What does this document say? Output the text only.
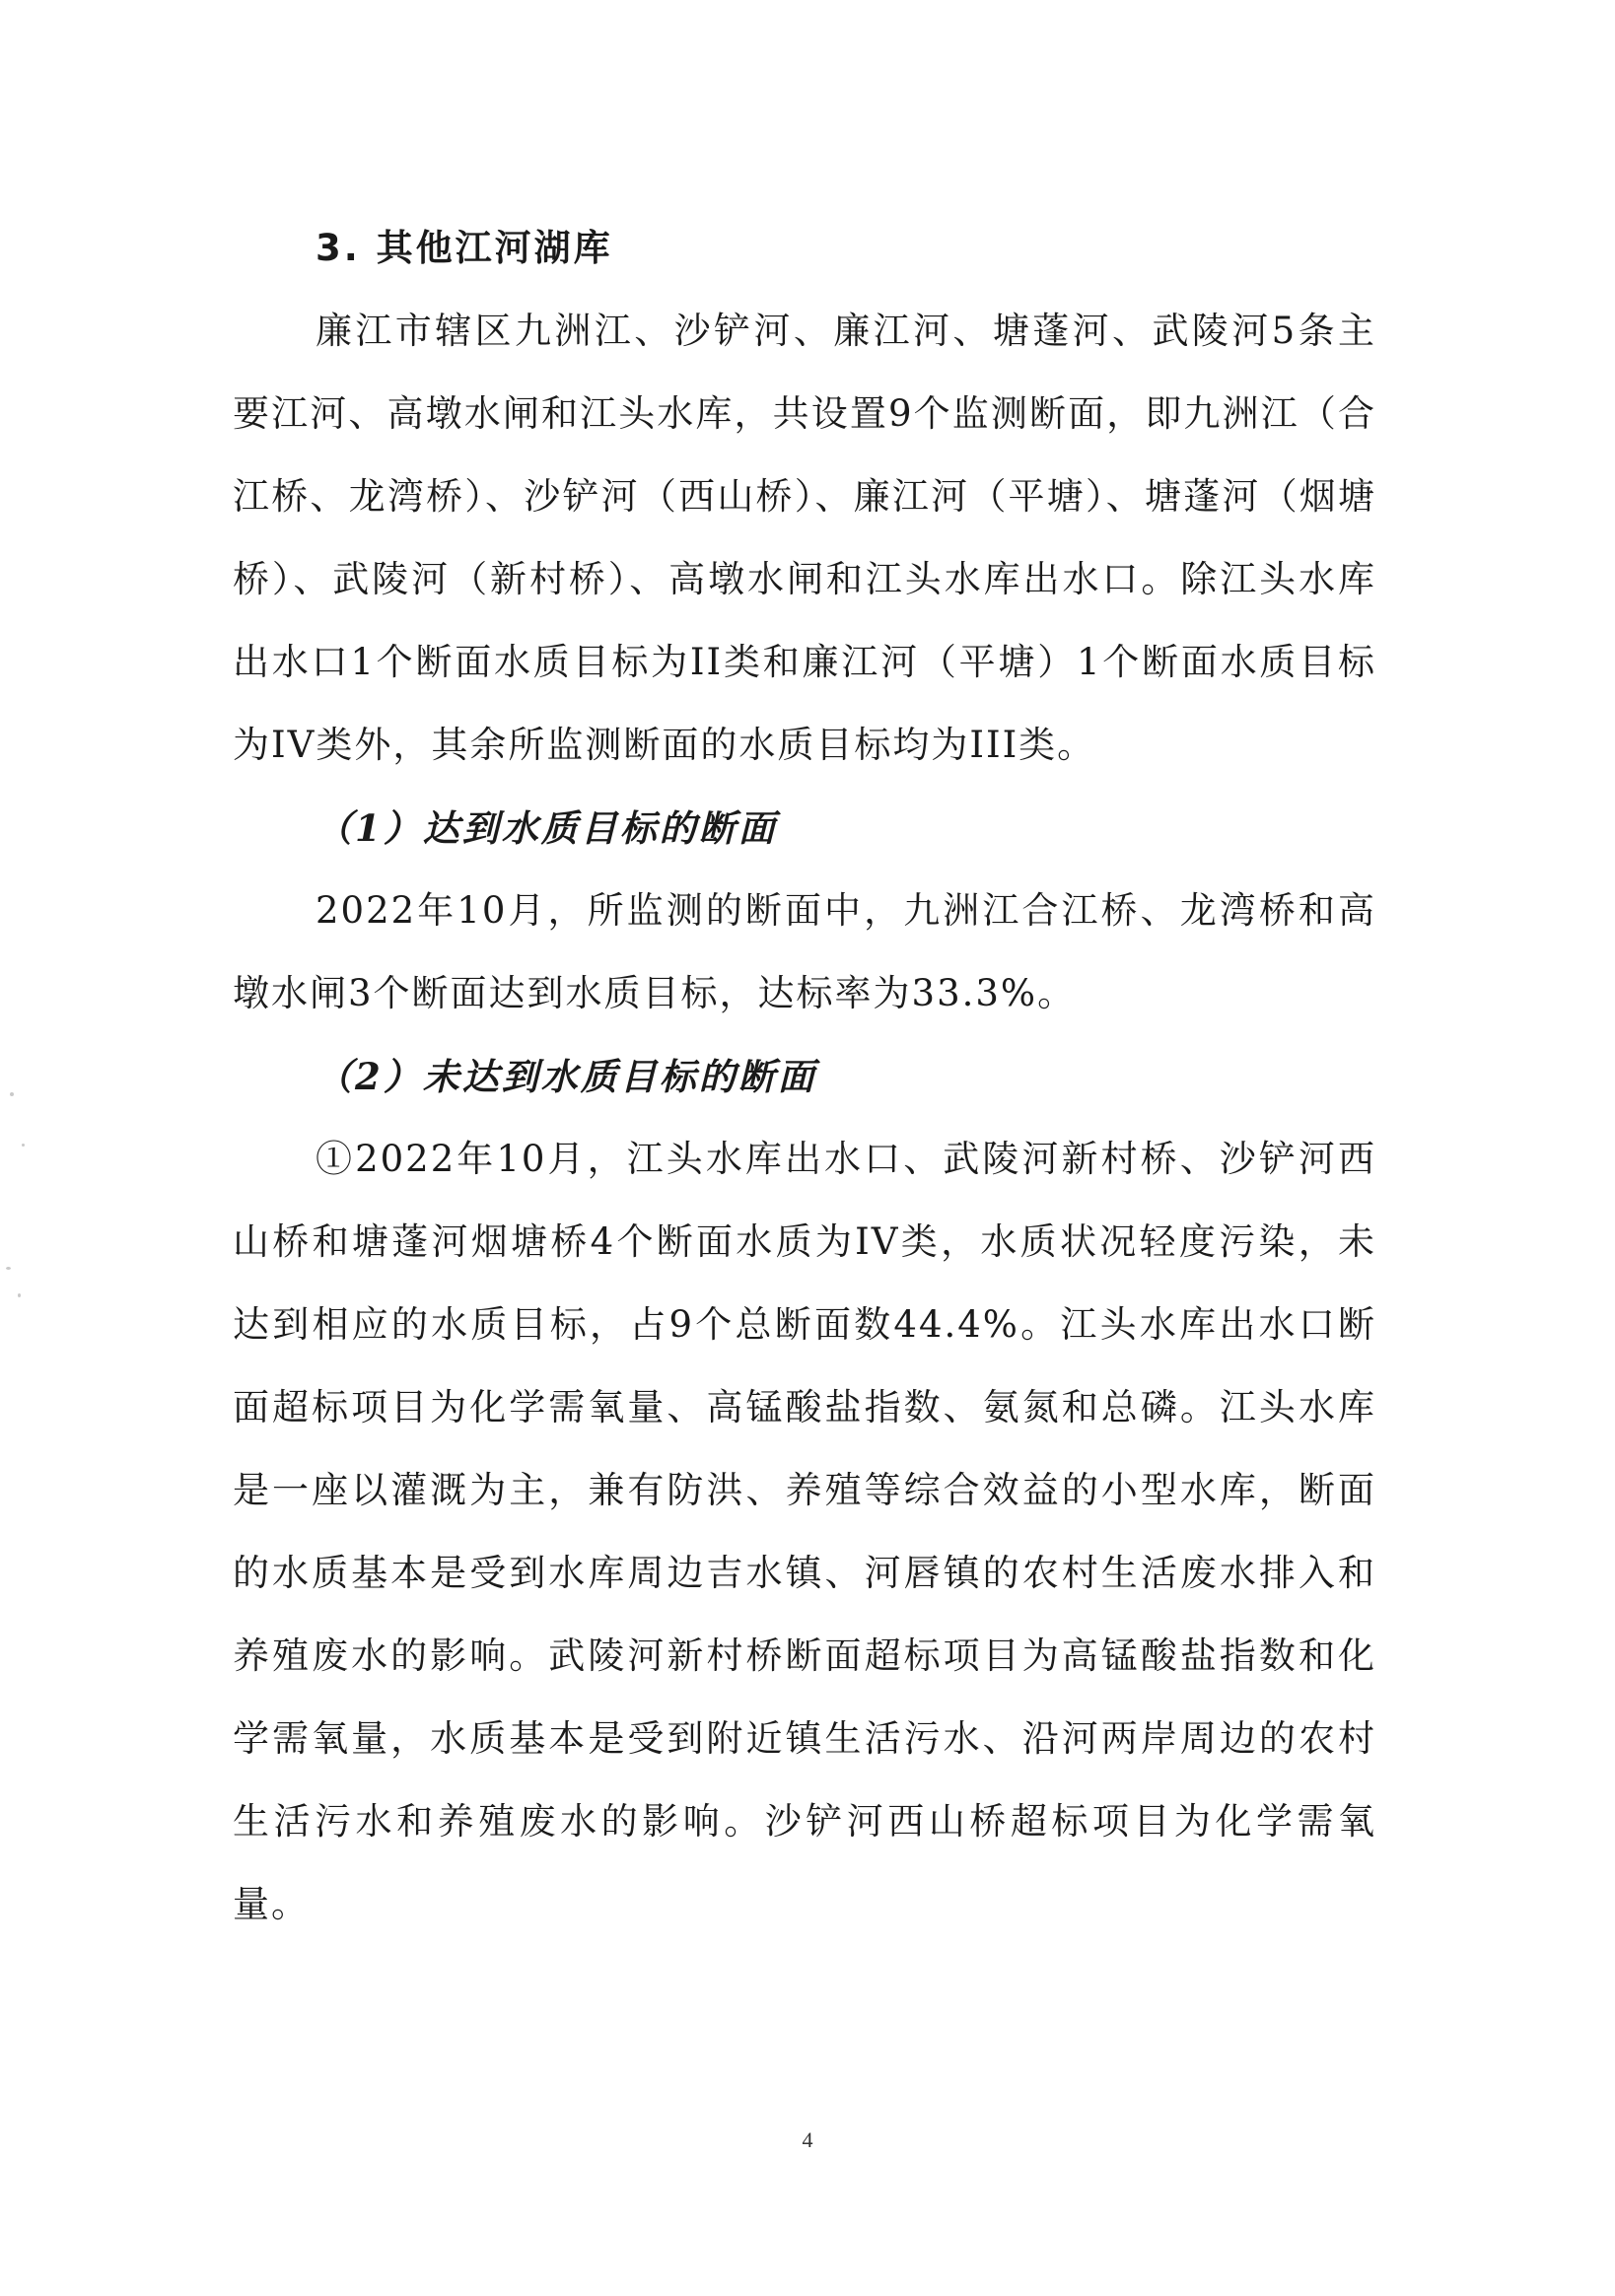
3. 其他江河湖库

廉江市辖区九洲江、沙铲河、廉江河、塘蓬河、武陵河5条主要江河、高墩水闸和江头水库，共设置9个监测断面，即九洲江（合江桥、龙湾桥）、沙铲河（西山桥）、廉江河（平塘）、塘蓬河（烟塘桥）、武陵河（新村桥）、高墩水闸和江头水库出水口。除江头水库出水口1个断面水质目标为II类和廉江河（平塘）1个断面水质目标为IV类外，其余所监测断面的水质目标均为III类。

（1）达到水质目标的断面

2022年10月，所监测的断面中，九洲江合江桥、龙湾桥和高墩水闸3个断面达到水质目标，达标率为33.3%。

（2）未达到水质目标的断面

①2022年10月，江头水库出水口、武陵河新村桥、沙铲河西山桥和塘蓬河烟塘桥4个断面水质为IV类，水质状况轻度污染，未达到相应的水质目标，占9个总断面数44.4%。江头水库出水口断面超标项目为化学需氧量、高锰酸盐指数、氨氮和总磷。江头水库是一座以灌溉为主，兼有防洪、养殖等综合效益的小型水库，断面的水质基本是受到水库周边吉水镇、河唇镇的农村生活废水排入和养殖废水的影响。武陵河新村桥断面超标项目为高锰酸盐指数和化学需氧量，水质基本是受到附近镇生活污水、沿河两岸周边的农村生活污水和养殖废水的影响。沙铲河西山桥超标项目为化学需氧量。

4
